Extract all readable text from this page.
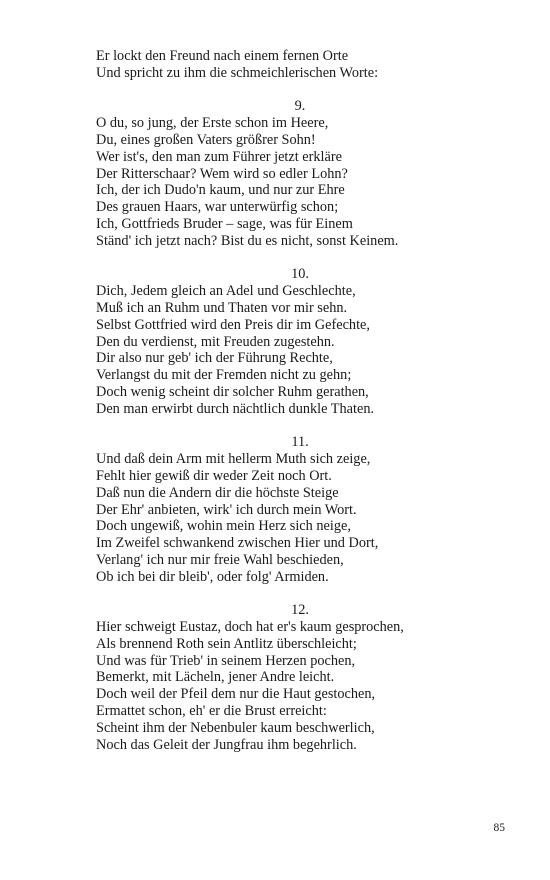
Er lockt den Freund nach einem fernen Orte
Und spricht zu ihm die schmeichlerischen Worte:
9.
O du, so jung, der Erste schon im Heere,
Du, eines großen Vaters größrer Sohn!
Wer ist's, den man zum Führer jetzt erkläre
Der Ritterschaar? Wem wird so edler Lohn?
Ich, der ich Dudo'n kaum, und nur zur Ehre
Des grauen Haars, war unterwürfig schon;
Ich, Gottfrieds Bruder – sage, was für Einem
Ständ' ich jetzt nach? Bist du es nicht, sonst Keinem.
10.
Dich, Jedem gleich an Adel und Geschlechte,
Muß ich an Ruhm und Thaten vor mir sehn.
Selbst Gottfried wird den Preis dir im Gefechte,
Den du verdienst, mit Freuden zugestehn.
Dir also nur geb' ich der Führung Rechte,
Verlangst du mit der Fremden nicht zu gehn;
Doch wenig scheint dir solcher Ruhm gerathen,
Den man erwirbt durch nächtlich dunkle Thaten.
11.
Und daß dein Arm mit hellerm Muth sich zeige,
Fehlt hier gewiß dir weder Zeit noch Ort.
Daß nun die Andern dir die höchste Steige
Der Ehr' anbieten, wirk' ich durch mein Wort.
Doch ungewiß, wohin mein Herz sich neige,
Im Zweifel schwankend zwischen Hier und Dort,
Verlang' ich nur mir freie Wahl beschieden,
Ob ich bei dir bleib', oder folg' Armiden.
12.
Hier schweigt Eustaz, doch hat er's kaum gesprochen,
Als brennend Roth sein Antlitz überschleicht;
Und was für Trieb' in seinem Herzen pochen,
Bemerkt, mit Lächeln, jener Andre leicht.
Doch weil der Pfeil dem nur die Haut gestochen,
Ermattet schon, eh' er die Brust erreicht:
Scheint ihm der Nebenbuler kaum beschwerlich,
Noch das Geleit der Jungfrau ihm begehrlich.
85
